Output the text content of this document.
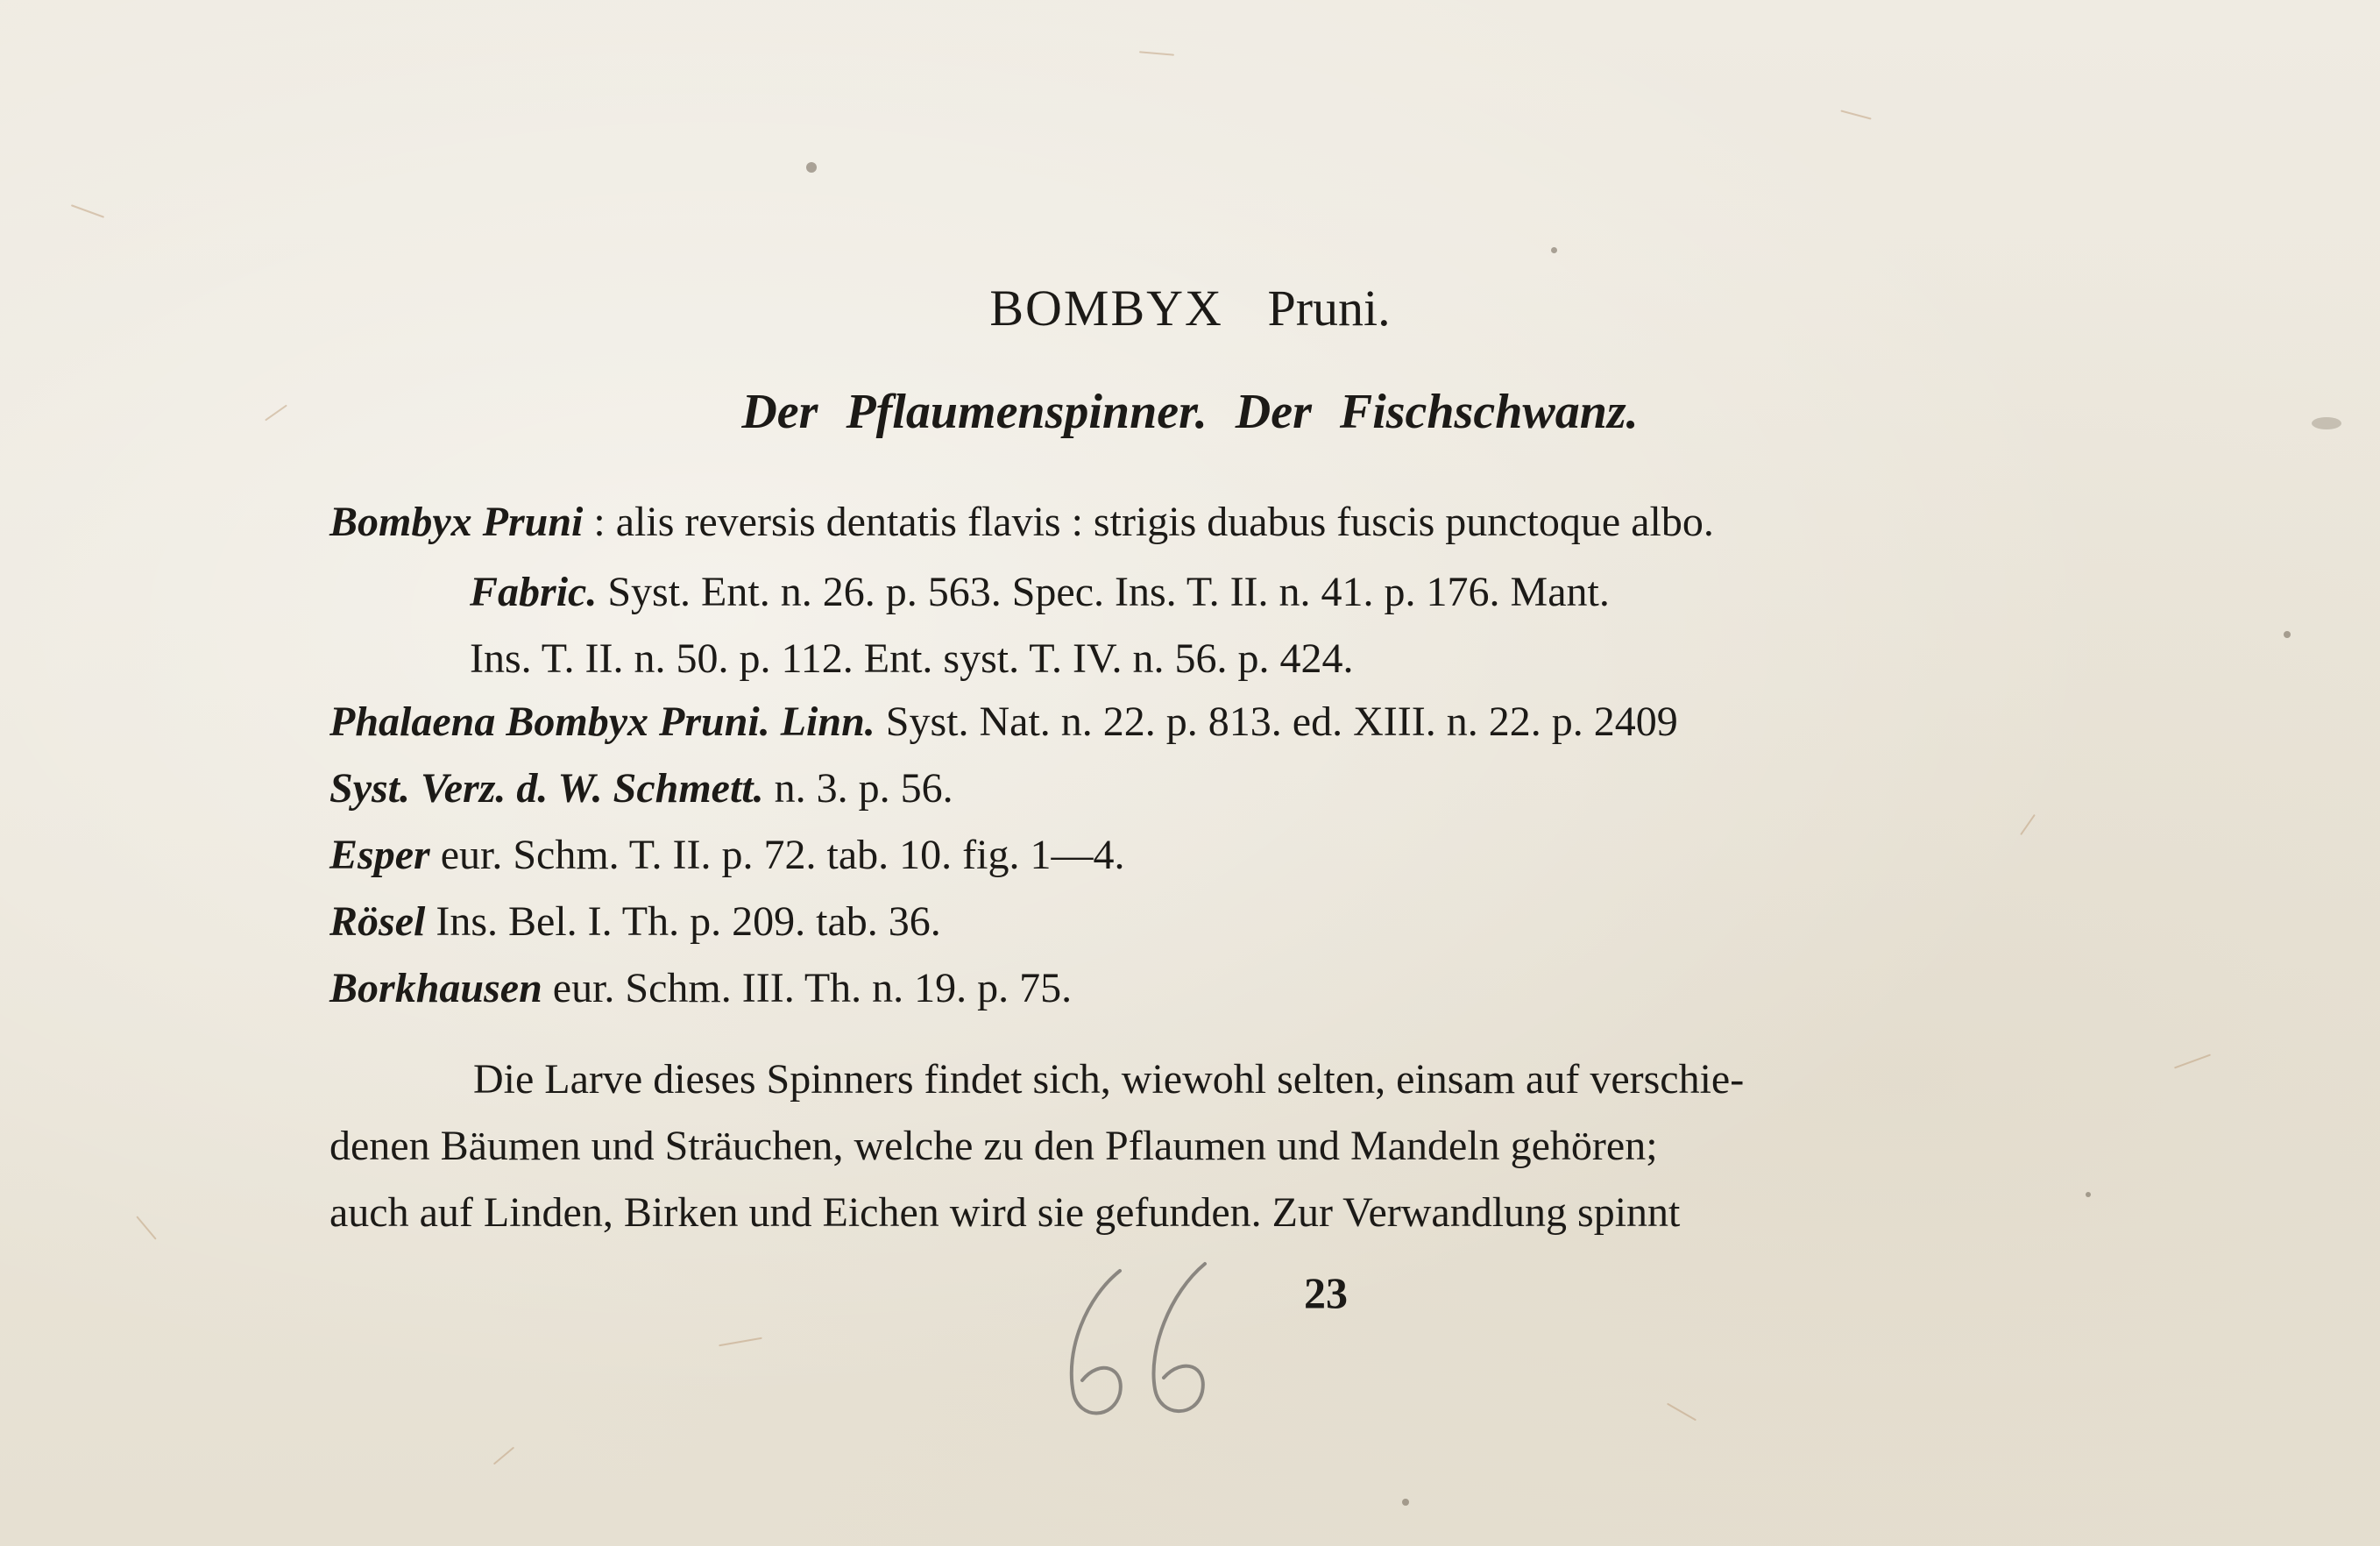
BOMBYX Pruni.
Der Pflaumenspinner. Der Fischschwanz.
Bombyx Pruni : alis reversis dentatis flavis : strigis duabus fuscis punctoque albo.
Fabric. Syst. Ent. n. 26. p. 563. Spec. Ins. T. II. n. 41. p. 176. Mant.
Ins. T. II. n. 50. p. 112. Ent. syst. T. IV. n. 56. p. 424.
Phalaena Bombyx Pruni. Linn. Syst. Nat. n. 22. p. 813. ed. XIII. n. 22. p. 2409
Syst. Verz. d. W. Schmett. n. 3. p. 56.
Esper eur. Schm. T. II. p. 72. tab. 10. fig. 1—4.
Rösel Ins. Bel. I. Th. p. 209. tab. 36.
Borkhausen eur. Schm. III. Th. n. 19. p. 75.
Die Larve dieses Spinners findet sich, wiewohl selten, einsam auf verschie-
denen Bäumen und Sträuchen, welche zu den Pflaumen und Mandeln gehören;
auch auf Linden, Birken und Eichen wird sie gefunden. Zur Verwandlung spinnt
23
